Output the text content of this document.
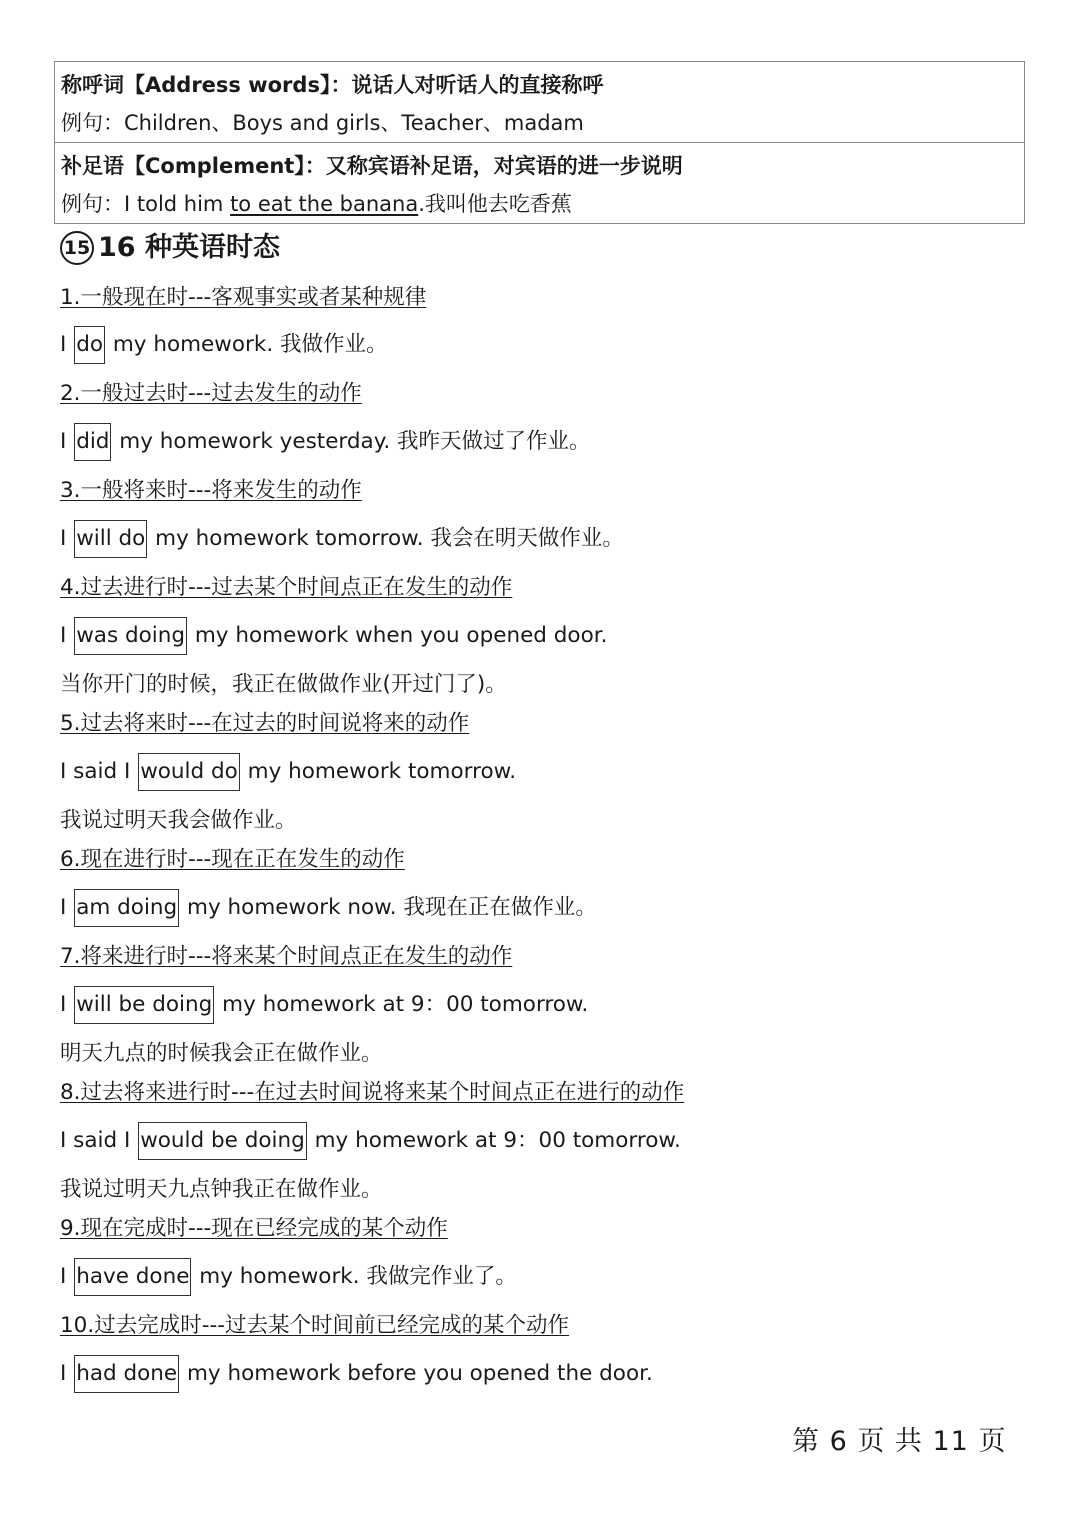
称呼词【Address words】：说话人对听话人的直接称呼
例句：Children、Boys and girls、Teacher、madam
补足语【Complement】：又称宾语补足语，对宾语的进一步说明
例句：I told him to eat the banana.我叫他去吃香蕉
15 16 种英语时态
1.一般现在时---客观事实或者某种规律
I do my homework. 我做作业。
2.一般过去时---过去发生的动作
I did my homework yesterday. 我昨天做过了作业。
3.一般将来时---将来发生的动作
I will do my homework tomorrow. 我会在明天做作业。
4.过去进行时---过去某个时间点正在发生的动作
I was doing my homework when you opened door.
当你开门的时候，我正在做做作业(开过门了)。
5.过去将来时---在过去的时间说将来的动作
I said I would do my homework tomorrow.
我说过明天我会做作业。
6.现在进行时---现在正在发生的动作
I am doing my homework now. 我现在正在做作业。
7.将来进行时---将来某个时间点正在发生的动作
I will be doing my homework at 9：00 tomorrow.
明天九点的时候我会正在做作业。
8.过去将来进行时---在过去时间说将来某个时间点正在进行的动作
I said I would be doing my homework at 9：00 tomorrow.
我说过明天九点钟我正在做作业。
9.现在完成时---现在已经完成的某个动作
I have done my homework. 我做完作业了。
10.过去完成时---过去某个时间前已经完成的某个动作
I had done my homework before you opened the door.
第 6 页 共 11 页
